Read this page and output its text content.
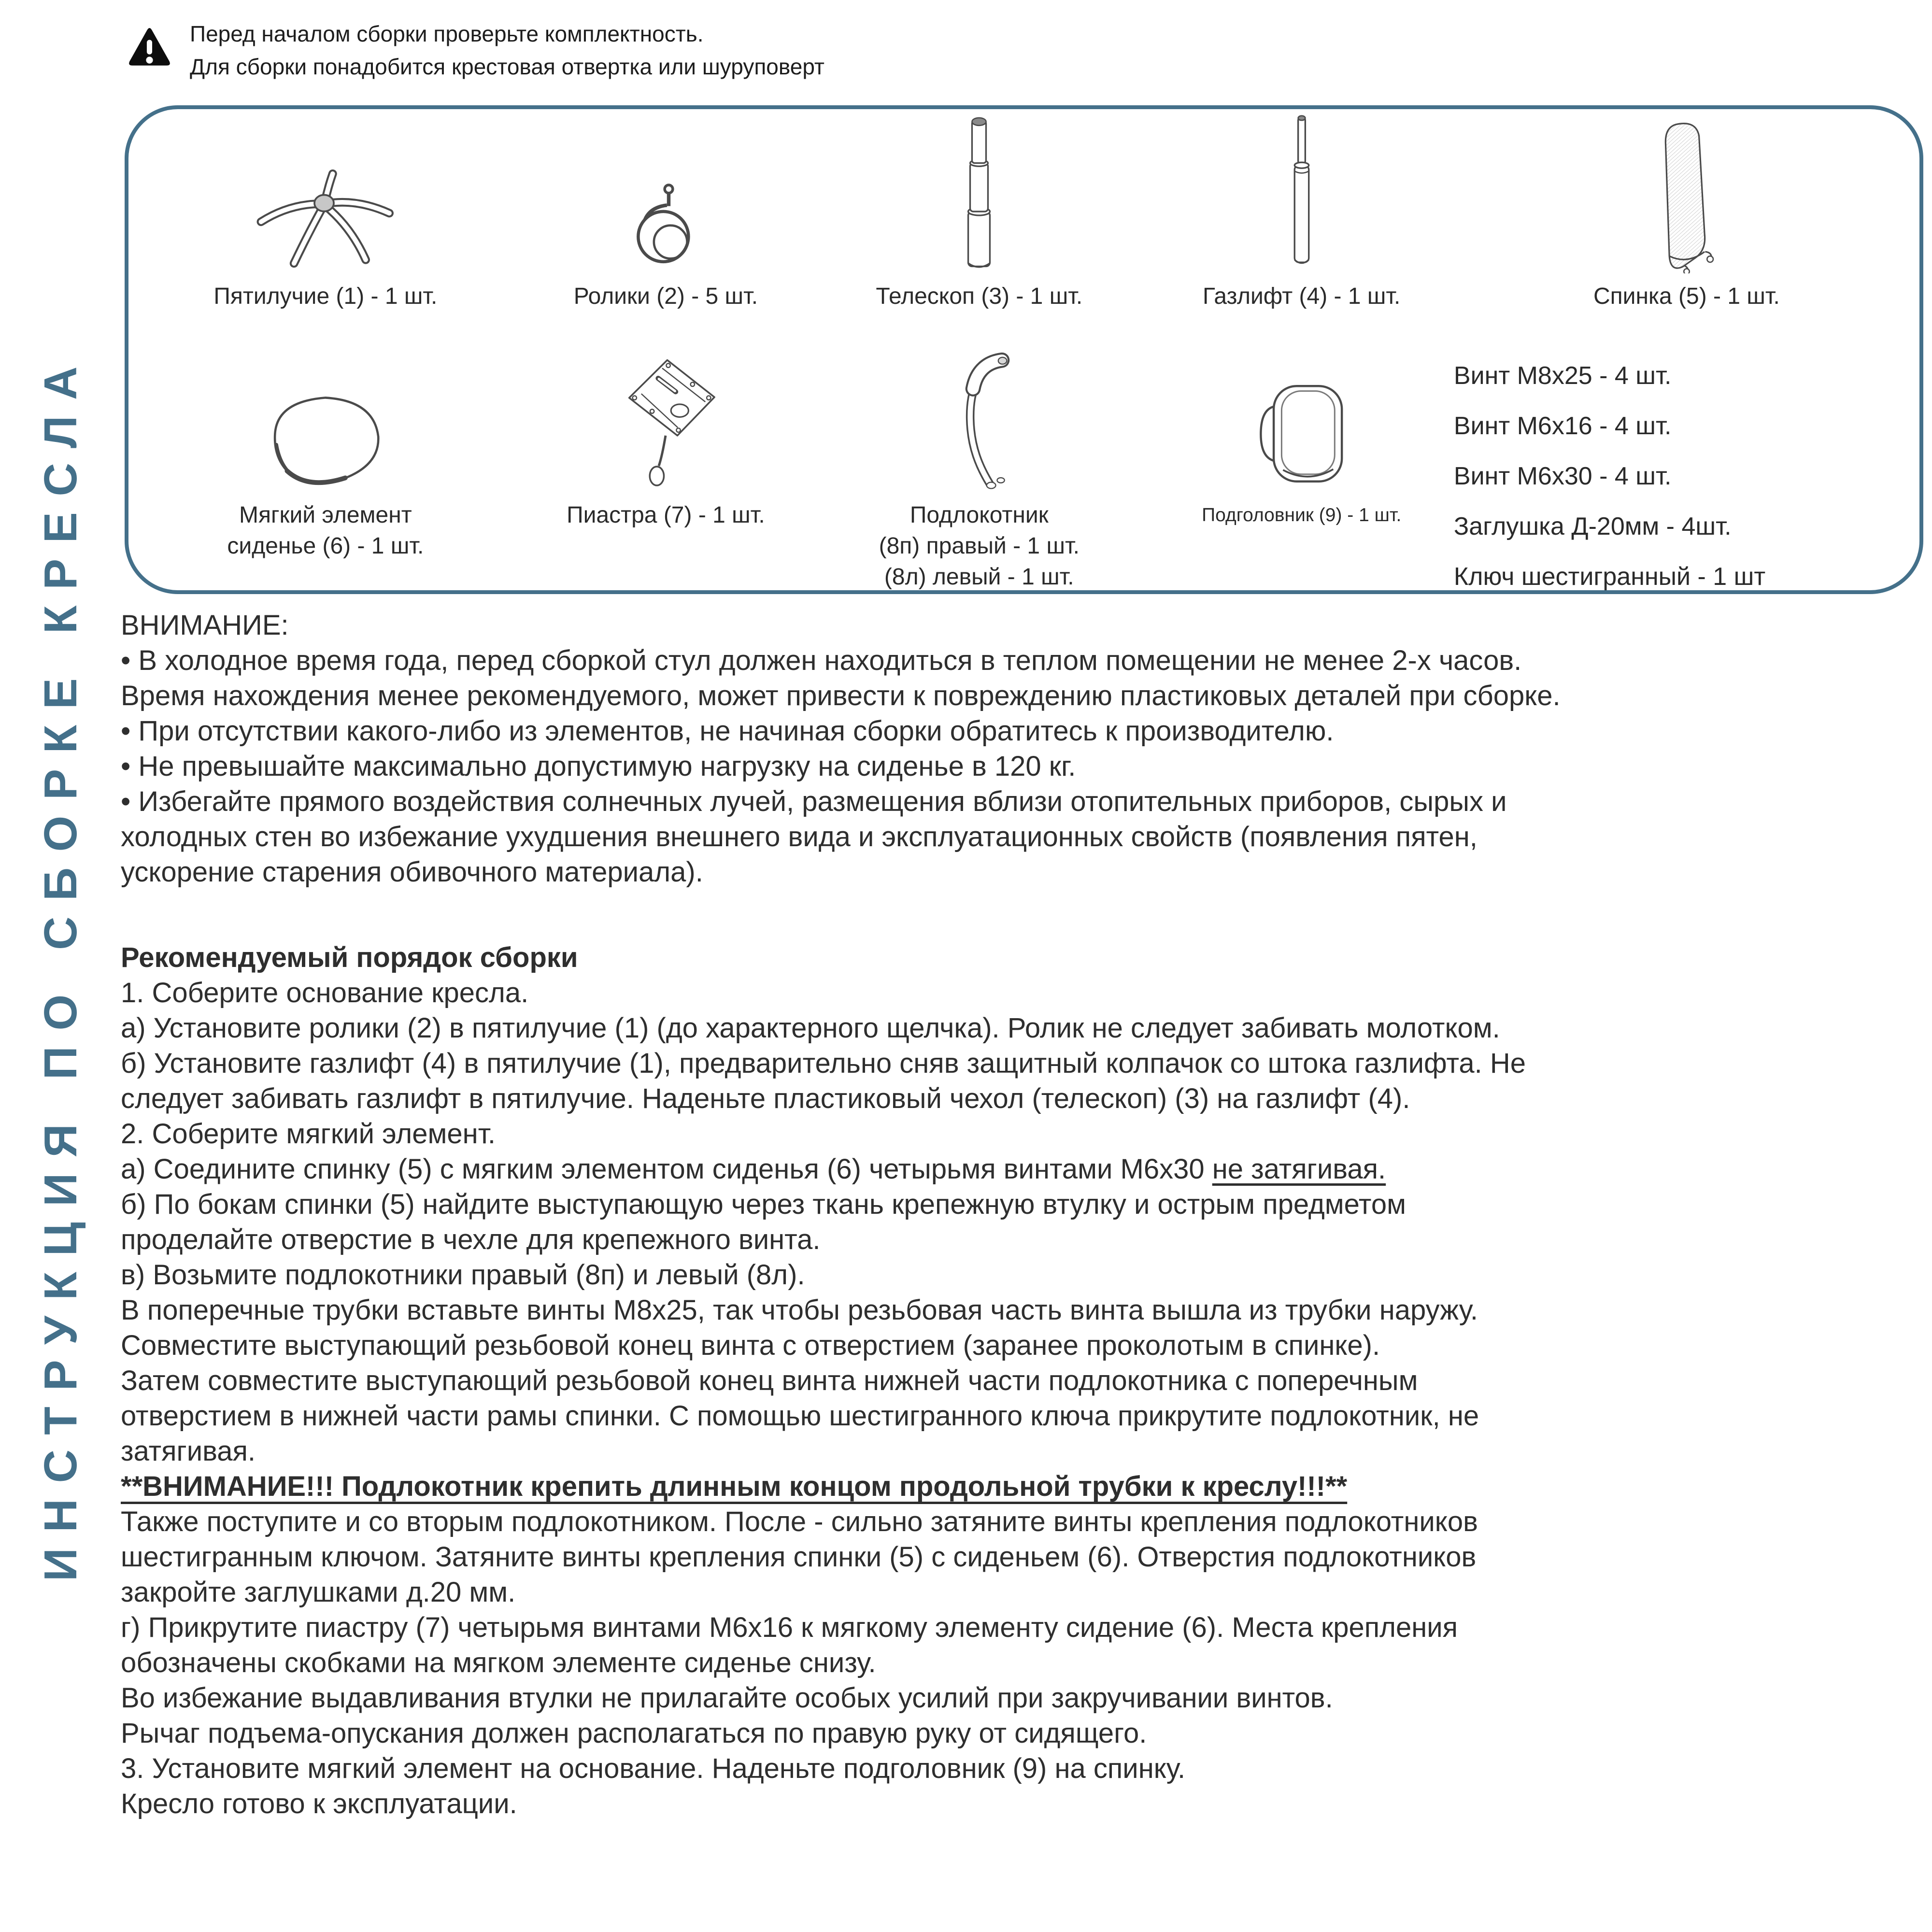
Перед началом сборки проверьте комплектность.
Для сборки понадобится крестовая отвертка или шуруповерт
ИНСТРУКЦИЯ ПО СБОРКЕ КРЕСЛА
Пятилучие (1) - 1 шт.	Ролики (2) - 5 шт.	Телескоп (3) - 1 шт.	Газлифт (4) - 1 шт.	Спинка (5) - 1 шт.
Мягкий элемент
сиденье (6) - 1 шт.
Пиастра (7) - 1 шт.	Подлокотник
(8п) правый - 1 шт.
(8л) левый - 1 шт.
Подголовник (9) - 1 шт.
Винт М8х25 - 4 шт.
Винт М6х16 - 4 шт.
Винт М6х30 - 4 шт.
Заглушка Д-20мм - 4шт.
Ключ шестигранный - 1 шт
ВНИМАНИЕ:
• В холодное время года, перед сборкой стул должен находиться в теплом помещении не менее 2-х часов.
Время нахождения менее рекомендуемого, может привести к повреждению пластиковых деталей при сборке.
• При отсутствии какого-либо из элементов, не начиная сборки обратитесь к производителю.
• Не превышайте максимально допустимую нагрузку на сиденье в 120 кг.
• Избегайте прямого воздействия солнечных лучей, размещения вблизи отопительных приборов, сырых и
холодных стен во избежание ухудшения внешнего вида и эксплуатационных свойств (появления пятен,
ускорение старения обивочного материала).
Рекомендуемый порядок сборки
1. Соберите основание кресла.
а) Установите ролики (2) в пятилучие (1) (до характерного щелчка). Ролик не следует забивать молотком.
б) Установите газлифт (4) в пятилучие (1), предварительно сняв защитный колпачок со штока газлифта. Не
следует забивать газлифт в пятилучие. Наденьте пластиковый чехол (телескоп) (3) на газлифт (4).
2. Соберите мягкий элемент.
а) Соедините спинку (5) с мягким элементом сиденья (6) четырьмя винтами М6х30 не затягивая.
б) По бокам спинки (5) найдите выступающую через ткань крепежную втулку и острым предметом
проделайте отверстие в чехле для крепежного винта.
в) Возьмите подлокотники правый (8п) и левый (8л).
В поперечные трубки вставьте винты М8х25, так чтобы резьбовая часть винта вышла из трубки наружу.
Совместите выступающий резьбовой конец винта с отверстием (заранее проколотым в спинке).
Затем совместите выступающий резьбовой конец винта нижней части подлокотника с поперечным
отверстием в нижней части рамы спинки. С помощью шестигранного ключа прикрутите подлокотник, не
затягивая.
**ВНИМАНИЕ!!! Подлокотник крепить длинным концом продольной трубки к креслу!!!**
Также поступите и со вторым подлокотником. После - сильно затяните винты крепления подлокотников
шестигранным ключом. Затяните винты крепления спинки (5) с сиденьем (6). Отверстия подлокотников
закройте заглушками д.20 мм.
г) Прикрутите пиастру (7) четырьмя винтами М6х16 к мягкому элементу сидение (6). Места крепления
обозначены скобками на мягком элементе сиденье снизу.
Во избежание выдавливания втулки не прилагайте особых усилий при закручивании винтов.
Рычаг подъема-опускания должен располагаться по правую руку от сидящего.
3. Установите мягкий элемент на основание. Наденьте подголовник (9) на спинку.
Кресло готово к эксплуатации.
